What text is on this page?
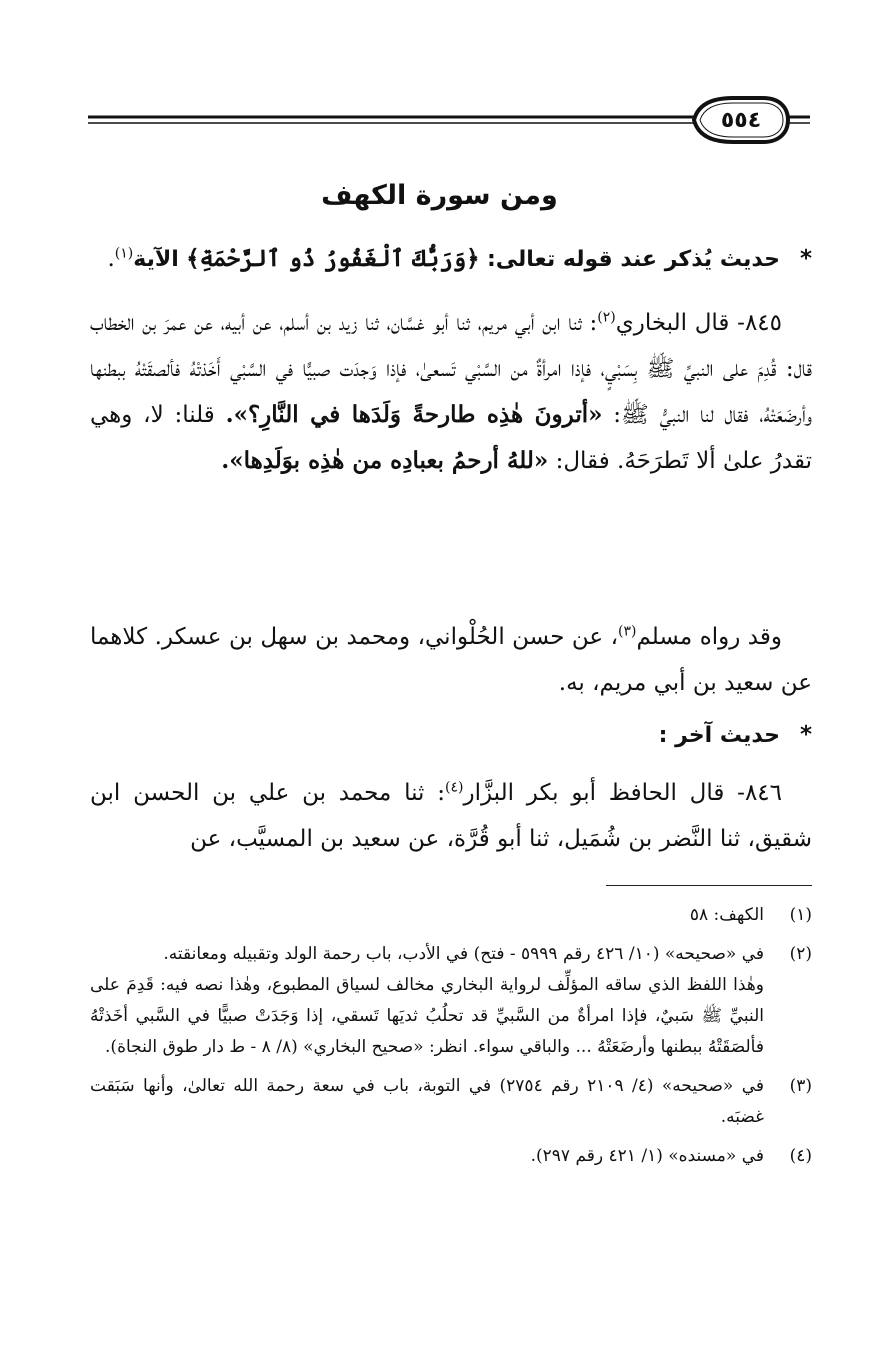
٥٥٤
ومن سورة الكهف
*حديث يُذكر عند قوله تعالى: ﴿وَرَبُّكَ ٱلْغَفُورُ ذُو ٱلرَّحْمَةِ﴾ الآية$^{(١)}$.
٨٤٥- قال البخاري$^{(٢)}$: ثنا ابن أبي مريم، ثنا أبو غسَّان، ثنا زيد بن أسلم، عن أبيه، عن عمرَ بن الخطاب قال: قُدِمَ على النبيِّ ﷺ بِسَبْيٍ، فإذا امرأةٌ من السَّبْي تَسعىٰ، فإذا وَجدَت صبيًّا في السَّبْي أَخَذتْهُ فألصقَتْهُ ببطنها وأرضَعَتْهُ، فقال لنا النبيُّ ﷺ: «أترونَ هٰذِه طارحةً وَلَدَها في النَّارِ؟». قلنا: لا، وهي تقدرُ علىٰ ألا تَطرَحَهُ. فقال: «للهُ أرحمُ بعبادِه من هٰذِه بوَلَدِها».
وقد رواه مسلم$^{(٣)}$، عن حسن الحُلْواني، ومحمد بن سهل بن عسكر. كلاهما عن سعيد بن أبي مريم، به.
*حديث آخر :
٨٤٦- قال الحافظ أبو بكر البزَّار$^{(٤)}$: ثنا محمد بن علي بن الحسن ابن شقيق، ثنا النَّضر بن شُمَيل، ثنا أبو قُرَّة، عن سعيد بن المسيَّب، عن
(١)
الكهف: ٥٨
(٢)
في «صحيحه» (١٠/ ٤٢٦ رقم ٥٩٩٩ - فتح) في الأدب، باب رحمة الولد وتقبيله ومعانقته.
وهٰذا اللفظ الذي ساقه المؤلِّف لرواية البخاري مخالف لسياق المطبوع، وهٰذا نصه فيه: قَدِمَ على النبيِّ ﷺ سَبيٌ، فإذا امرأةٌ من السَّبيِّ قد تحلُبُ ثديَها تَسقي، إذا وَجَدَتْ صبيًّا في السَّبي أخَذتْهُ فألصَقَتْهُ ببطنها وأرضَعَتْهُ ... والباقي سواء. انظر: «صحيح البخاري» (٨/ ٨ - ط دار طوق النجاة).
(٣)
في «صحيحه» (٤/ ٢١٠٩ رقم ٢٧٥٤) في التوبة، باب في سعة رحمة الله تعالىٰ، وأنها سَبَقت غضبَه.
(٤)
في «مسنده» (١/ ٤٢١ رقم ٢٩٧).
